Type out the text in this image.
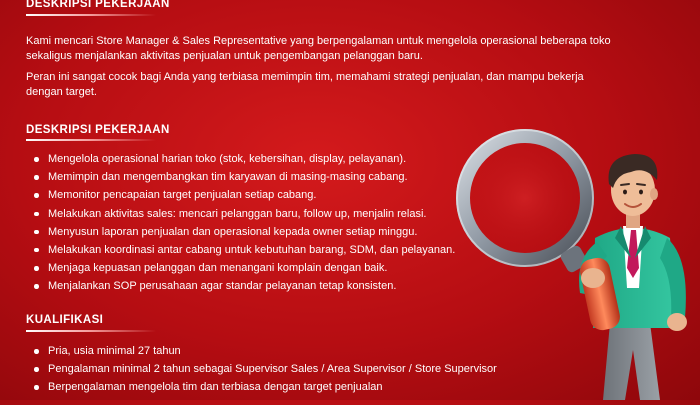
DESKRIPSI PEKERJAAN

Kami mencari Store Manager & Sales Representative yang berpengalaman untuk mengelola operasional beberapa toko
sekaligus menjalankan aktivitas penjualan untuk pengembangan pelanggan baru.

Peran ini sangat cocok bagi Anda yang terbiasa memimpin tim, memahami strategi penjualan, dan mampu bekerja
dengan target.

DESKRIPSI PEKERJAAN
Mengelola operasional harian toko (stok, kebersihan, display, pelayanan).
Memimpin dan mengembangkan tim karyawan di masing-masing cabang.
Memonitor pencapaian target penjualan setiap cabang.
Melakukan aktivitas sales: mencari pelanggan baru, follow up, menjalin relasi.
Menyusun laporan penjualan dan operasional kepada owner setiap minggu.
Melakukan koordinasi antar cabang untuk kebutuhan barang, SDM, dan pelayanan.
Menjaga kepuasan pelanggan dan menangani komplain dengan baik.
Menjalankan SOP perusahaan agar standar pelayanan tetap konsisten.
KUALIFIKASI
Pria, usia minimal 27 tahun
Pengalaman minimal 2 tahun sebagai Supervisor Sales / Area Supervisor / Store Supervisor
Berpengalaman mengelola tim dan terbiasa dengan target penjualan
